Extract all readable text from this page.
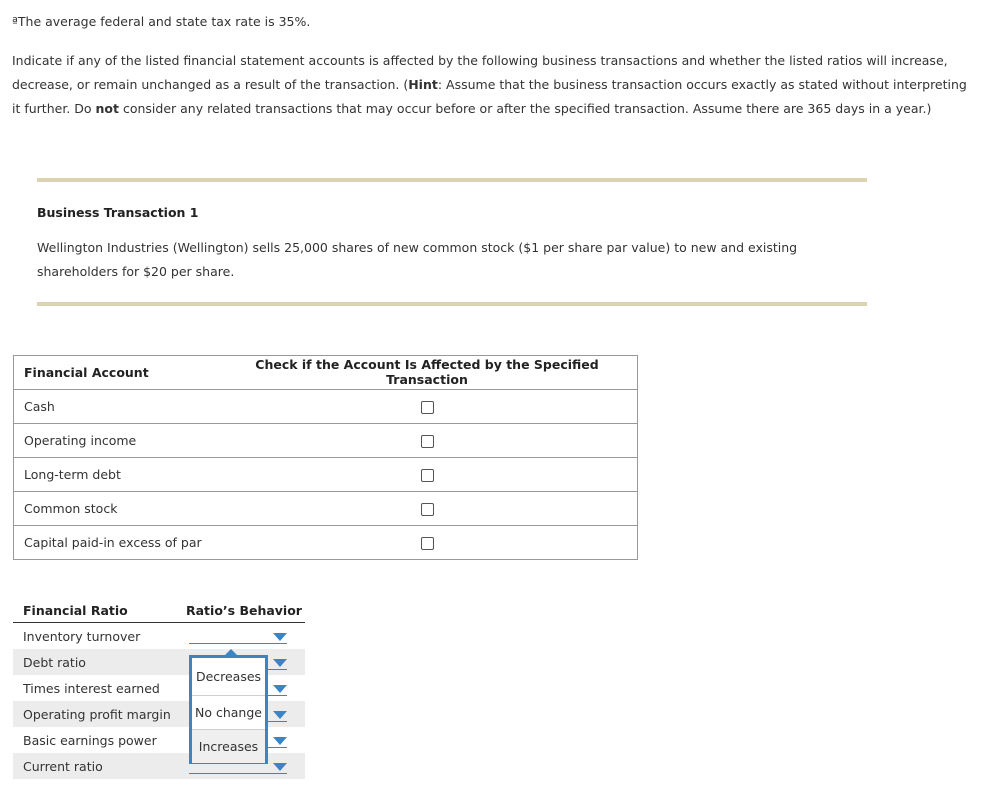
ªThe average federal and state tax rate is 35%.
Indicate if any of the listed financial statement accounts is affected by the following business transactions and whether the listed ratios will increase, decrease, or remain unchanged as a result of the transaction. (Hint: Assume that the business transaction occurs exactly as stated without interpreting it further. Do not consider any related transactions that may occur before or after the specified transaction. Assume there are 365 days in a year.)
Business Transaction 1
Wellington Industries (Wellington) sells 25,000 shares of new common stock ($1 per share par value) to new and existing shareholders for $20 per share.
Financial Account	Check if the Account Is Affected by the Specified Transaction
Cash	
Operating income	
Long-term debt	
Common stock	
Capital paid-in excess of par	
Financial Ratio	Ratio’s Behavior
Inventory turnover
Debt ratio
Times interest earned
Operating profit margin
Basic earnings power
Current ratio
Decreases
No change
Increases
